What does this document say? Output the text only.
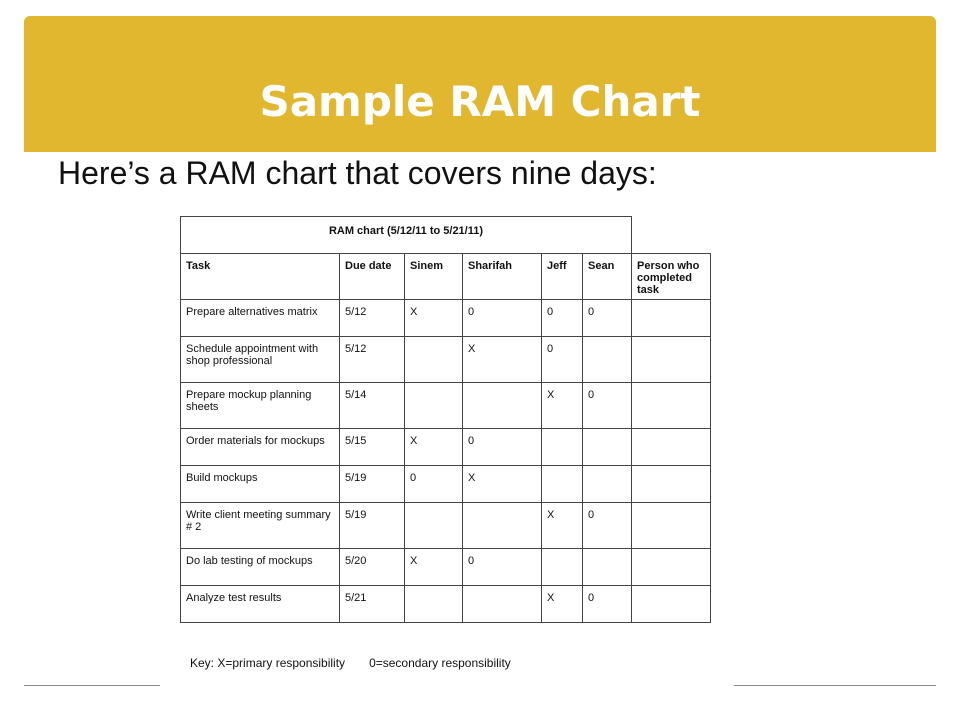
Sample RAM Chart
Here’s a RAM chart that covers nine days:
RAM chart (5/12/11 to 5/21/11)						
Task	Due date	Sinem	Sharifah	Jeff	Sean	Person who completed task
Prepare alternatives matrix	5/12	X	0	0	0	
Schedule appointment with shop professional	5/12		X	0		
Prepare mockup planning sheets	5/14			X	0	
Order materials for mockups	5/15	X	0			
Build mockups	5/19	0	X			
Write client meeting summary # 2	5/19			X	0	
Do lab testing of mockups	5/20	X	0			
Analyze test results	5/21			X	0	
Key: X=primary responsibility 0=secondary responsibility
